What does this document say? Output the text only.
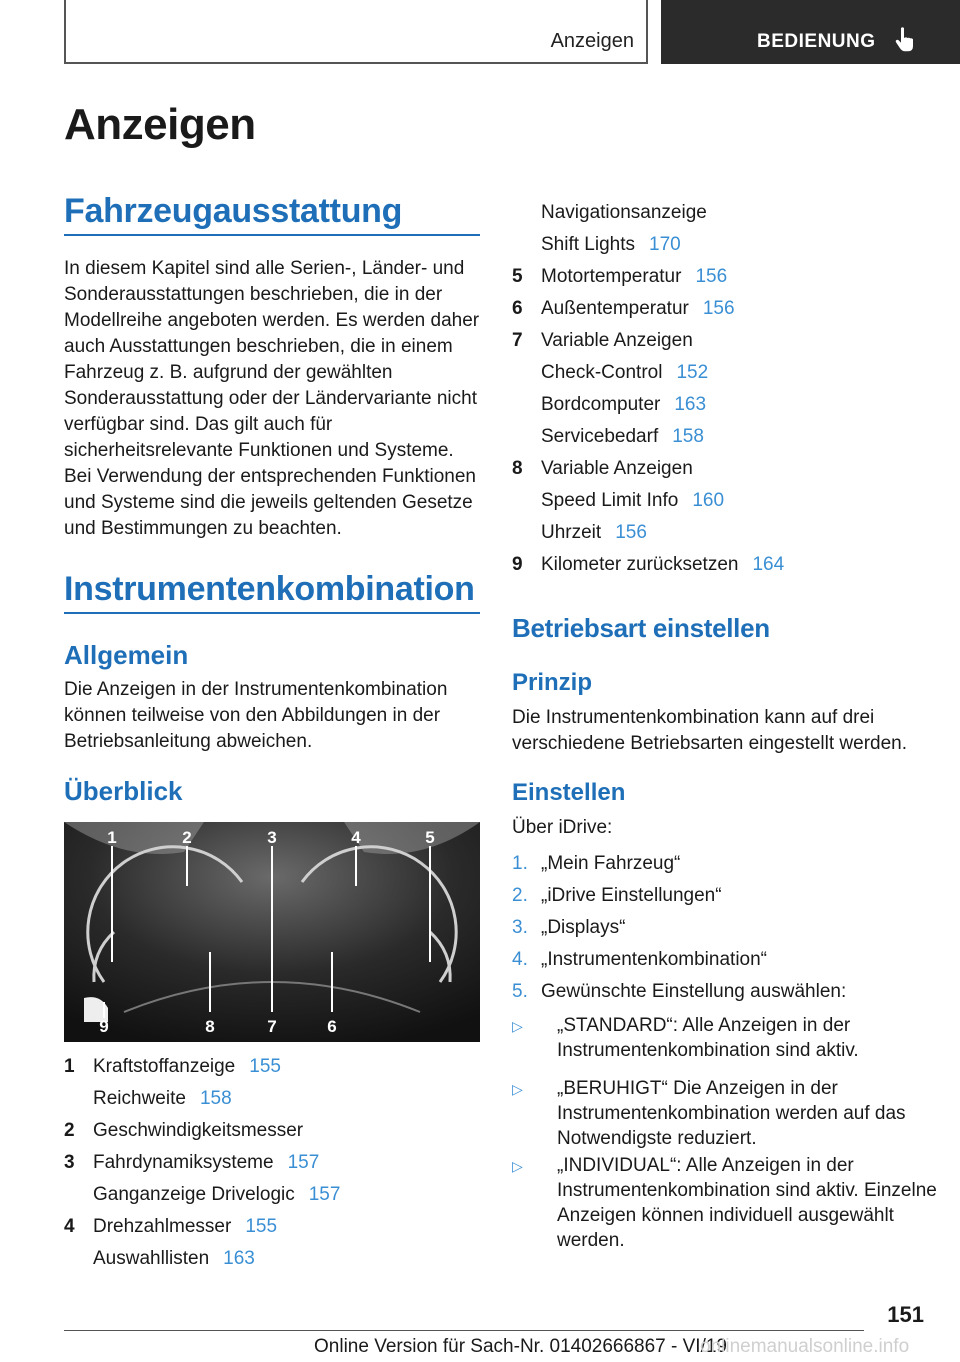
Anzeigen	BEDIENUNG
Anzeigen
Fahrzeugausstattung
In diesem Kapitel sind alle Serien-, Länder- und Sonderausstattungen beschrieben, die in der Modellreihe angeboten werden. Es werden daher auch Ausstattungen beschrieben, die in einem Fahrzeug z. B. aufgrund der gewählten Sonderausstattung oder der Ländervariante nicht verfügbar sind. Das gilt auch für sicherheitsrelevante Funktionen und Systeme. Bei Verwendung der entsprechenden Funktionen und Systeme sind die jeweils geltenden Gesetze und Bestimmungen zu beachten.
Instrumentenkombination
Allgemein
Die Anzeigen in der Instrumentenkombination können teilweise von den Abbildungen in der Betriebsanleitung abweichen.
Überblick
1	2	3	4	5
9	8	7	6
1 Kraftstoffanzeige 155
Reichweite 158
2 Geschwindigkeitsmesser
3 Fahrdynamiksysteme 157
Ganganzeige Drivelogic 157
4 Drehzahlmesser 155
Auswahllisten 163
Navigationsanzeige
Shift Lights 170
5 Motortemperatur 156
6 Außentemperatur 156
7 Variable Anzeigen
Check-Control 152
Bordcomputer 163
Servicebedarf 158
8 Variable Anzeigen
Speed Limit Info 160
Uhrzeit 156
9 Kilometer zurücksetzen 164
Betriebsart einstellen
Prinzip
Die Instrumentenkombination kann auf drei verschiedene Betriebsarten eingestellt werden.
Einstellen
Über iDrive:
1. „Mein Fahrzeug“
2. „iDrive Einstellungen“
3. „Displays“
4. „Instrumentenkombination“
5. Gewünschte Einstellung auswählen:
▷ „STANDARD“: Alle Anzeigen in der Instrumentenkombination sind aktiv.
▷ „BERUHIGT“ Die Anzeigen in der Instrumentenkombination werden auf das Notwendigste reduziert.
▷ „INDIVIDUAL“: Alle Anzeigen in der Instrumentenkombination sind aktiv. Einzelne Anzeigen können individuell ausgewählt werden.
151
Online Version für Sach-Nr. 01402666867 - VI/19
onlinemanualsonline.info
